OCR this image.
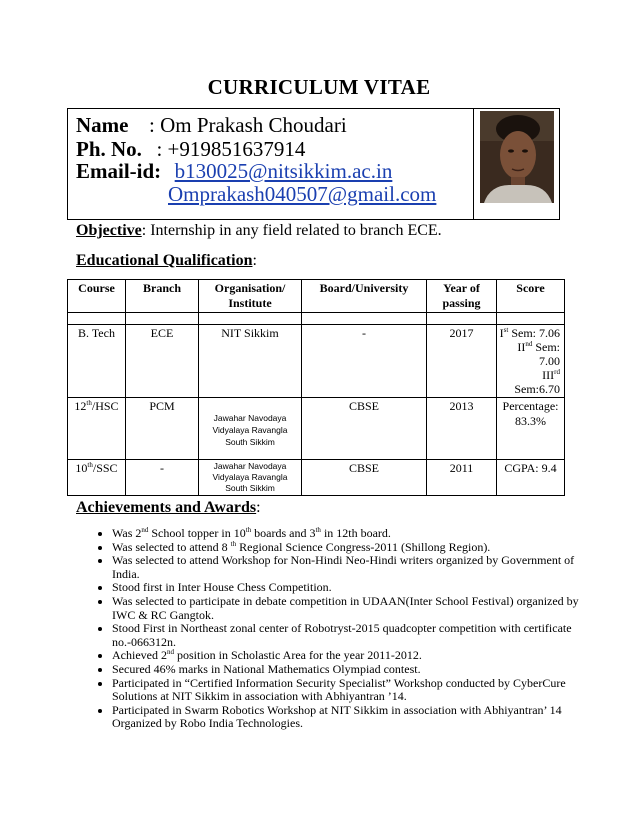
CURRICULUM VITAE
Name : Om Prakash Choudari
Ph. No. : +919851637914
Email-id: b130025@nitsikkim.ac.in
Omprakash040507@gmail.com
Objective: Internship in any field related to branch ECE.
Educational Qualification:
Course	Branch	Organisation/ Institute	Board/University	Year of passing	Score

B. Tech	ECE	NIT Sikkim	-	2017	Ist Sem: 7.06
IInd Sem: 7.00
IIIrd Sem:6.70

12th/HSC	PCM	Jawahar Navodaya
Vidyalaya Ravangla
South Sikkim	CBSE	2013	Percentage: 83.3%
10th/SSC	-	Jawahar Navodaya
Vidyalaya Ravangla
South Sikkim	CBSE	2011	CGPA: 9.4
Achievements and Awards:
• Was 2nd School topper in 10th boards and 3th in 12th board.
• Was selected to attend 8 $^{th}$ Regional Science Congress-2011 (Shillong Region).
• Was selected to attend Workshop for Non-Hindi Neo-Hindi writers organized by Government of India.
• Stood first in Inter House Chess Competition.
• Was selected to participate in debate competition in UDAAN(Inter School Festival) organized by IWC & RC Gangtok.
• Stood First in Northeast zonal center of Robotryst-2015 quadcopter competition with certificate no.-066312n.
• Achieved 2nd position in Scholastic Area for the year 2011-2012.
• Secured 46% marks in National Mathematics Olympiad contest.
• Participated in “Certified Information Security Specialist” Workshop conducted by CyberCure Solutions at NIT Sikkim in association with Abhiyantran ’14.
• Participated in Swarm Robotics Workshop at NIT Sikkim in association with Abhiyantran’ 14 Organized by Robo India Technologies.
